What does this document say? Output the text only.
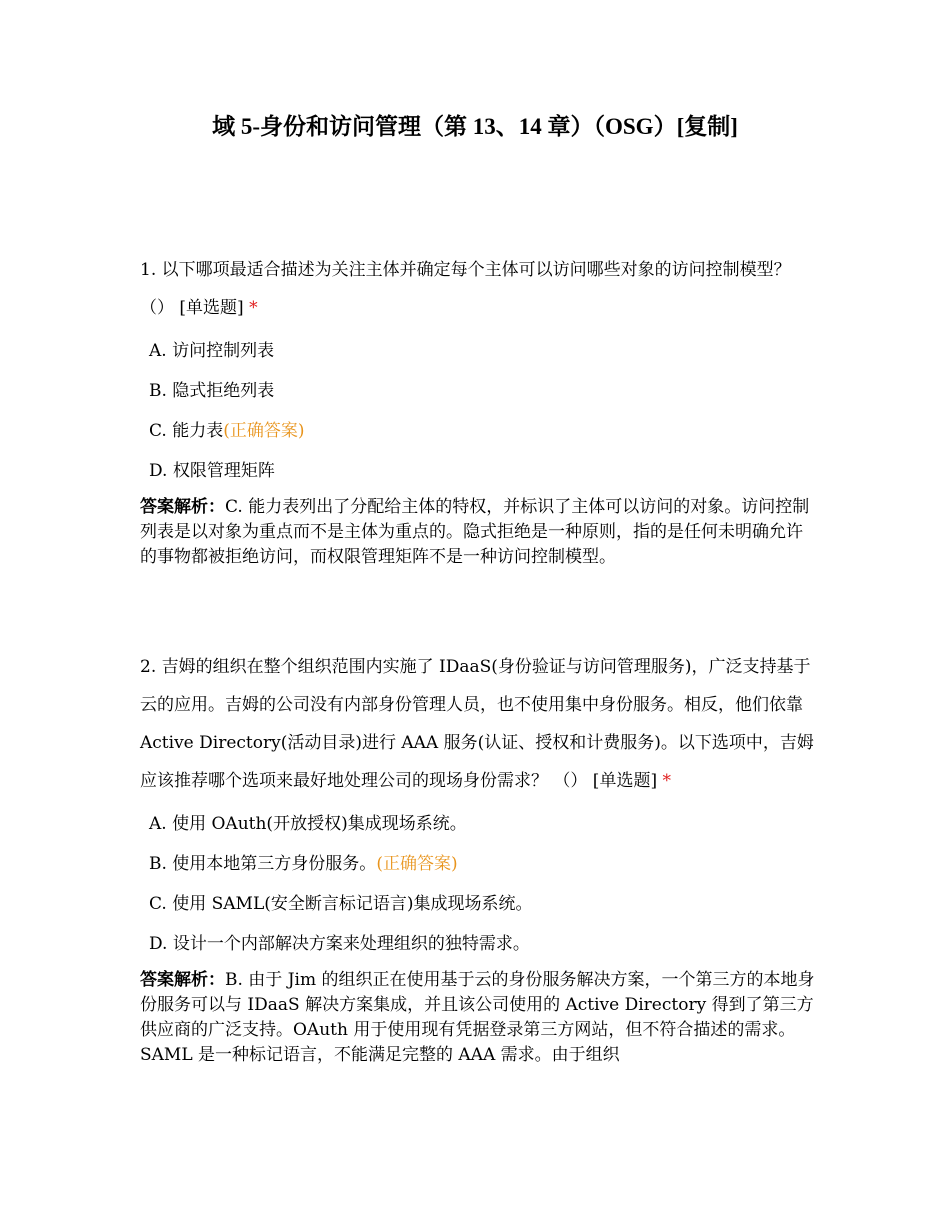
域 5-身份和访问管理（第 13、14 章）（OSG）[复制]

1. 以下哪项最适合描述为关注主体并确定每个主体可以访问哪些对象的访问控制模型？ （） [单选题] *

A. 访问控制列表
B. 隐式拒绝列表
C. 能力表(正确答案)
D. 权限管理矩阵

答案解析：C. 能力表列出了分配给主体的特权，并标识了主体可以访问的对象。访问控制列表是以对象为重点而不是主体为重点的。隐式拒绝是一种原则，指的是任何未明确允许的事物都被拒绝访问，而权限管理矩阵不是一种访问控制模型。

2. 吉姆的组织在整个组织范围内实施了 IDaaS(身份验证与访问管理服务)，广泛支持基于云的应用。吉姆的公司没有内部身份管理人员，也不使用集中身份服务。相反，他们依靠 Active Directory(活动目录)进行 AAA 服务(认证、授权和计费服务)。以下选项中，吉姆应该推荐哪个选项来最好地处理公司的现场身份需求？ （） [单选题] *

A. 使用 OAuth(开放授权)集成现场系统。
B. 使用本地第三方身份服务。(正确答案)
C. 使用 SAML(安全断言标记语言)集成现场系统。
D. 设计一个内部解决方案来处理组织的独特需求。

答案解析：B. 由于 Jim 的组织正在使用基于云的身份服务解决方案，一个第三方的本地身份服务可以与 IDaaS 解决方案集成，并且该公司使用的 Active Directory 得到了第三方供应商的广泛支持。OAuth 用于使用现有凭据登录第三方网站，但不符合描述的需求。SAML 是一种标记语言，不能满足完整的 AAA 需求。由于组织
